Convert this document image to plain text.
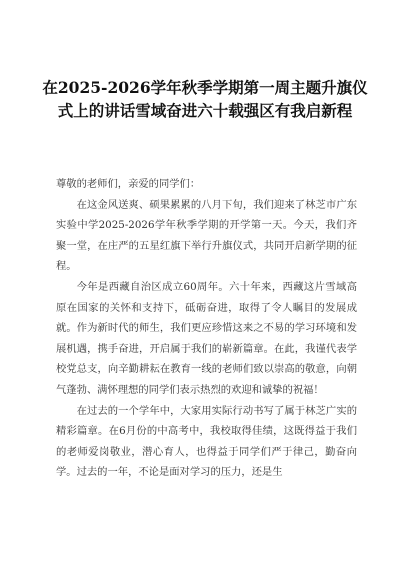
在2025-2026学年秋季学期第一周主题升旗仪式上的讲话雪域奋进六十载强区有我启新程

尊敬的老师们，亲爱的同学们：

在这金风送爽、硕果累累的八月下旬，我们迎来了林芝市广东实验中学2025-2026学年秋季学期的开学第一天。今天，我们齐聚一堂，在庄严的五星红旗下举行升旗仪式，共同开启新学期的征程。

今年是西藏自治区成立60周年。六十年来，西藏这片雪域高原在国家的关怀和支持下，砥砺奋进，取得了令人瞩目的发展成就。作为新时代的师生，我们更应珍惜这来之不易的学习环境和发展机遇，携手奋进，开启属于我们的崭新篇章。在此，我谨代表学校党总支，向辛勤耕耘在教育一线的老师们致以崇高的敬意，向朝气蓬勃、满怀理想的同学们表示热烈的欢迎和诚挚的祝福！

在过去的一个学年中，大家用实际行动书写了属于林芝广实的精彩篇章。在6月份的中高考中，我校取得佳绩，这既得益于我们的老师爱岗敬业，潜心育人，也得益于同学们严于律己，勤奋向学。过去的一年，不论是面对学习的压力，还是生
